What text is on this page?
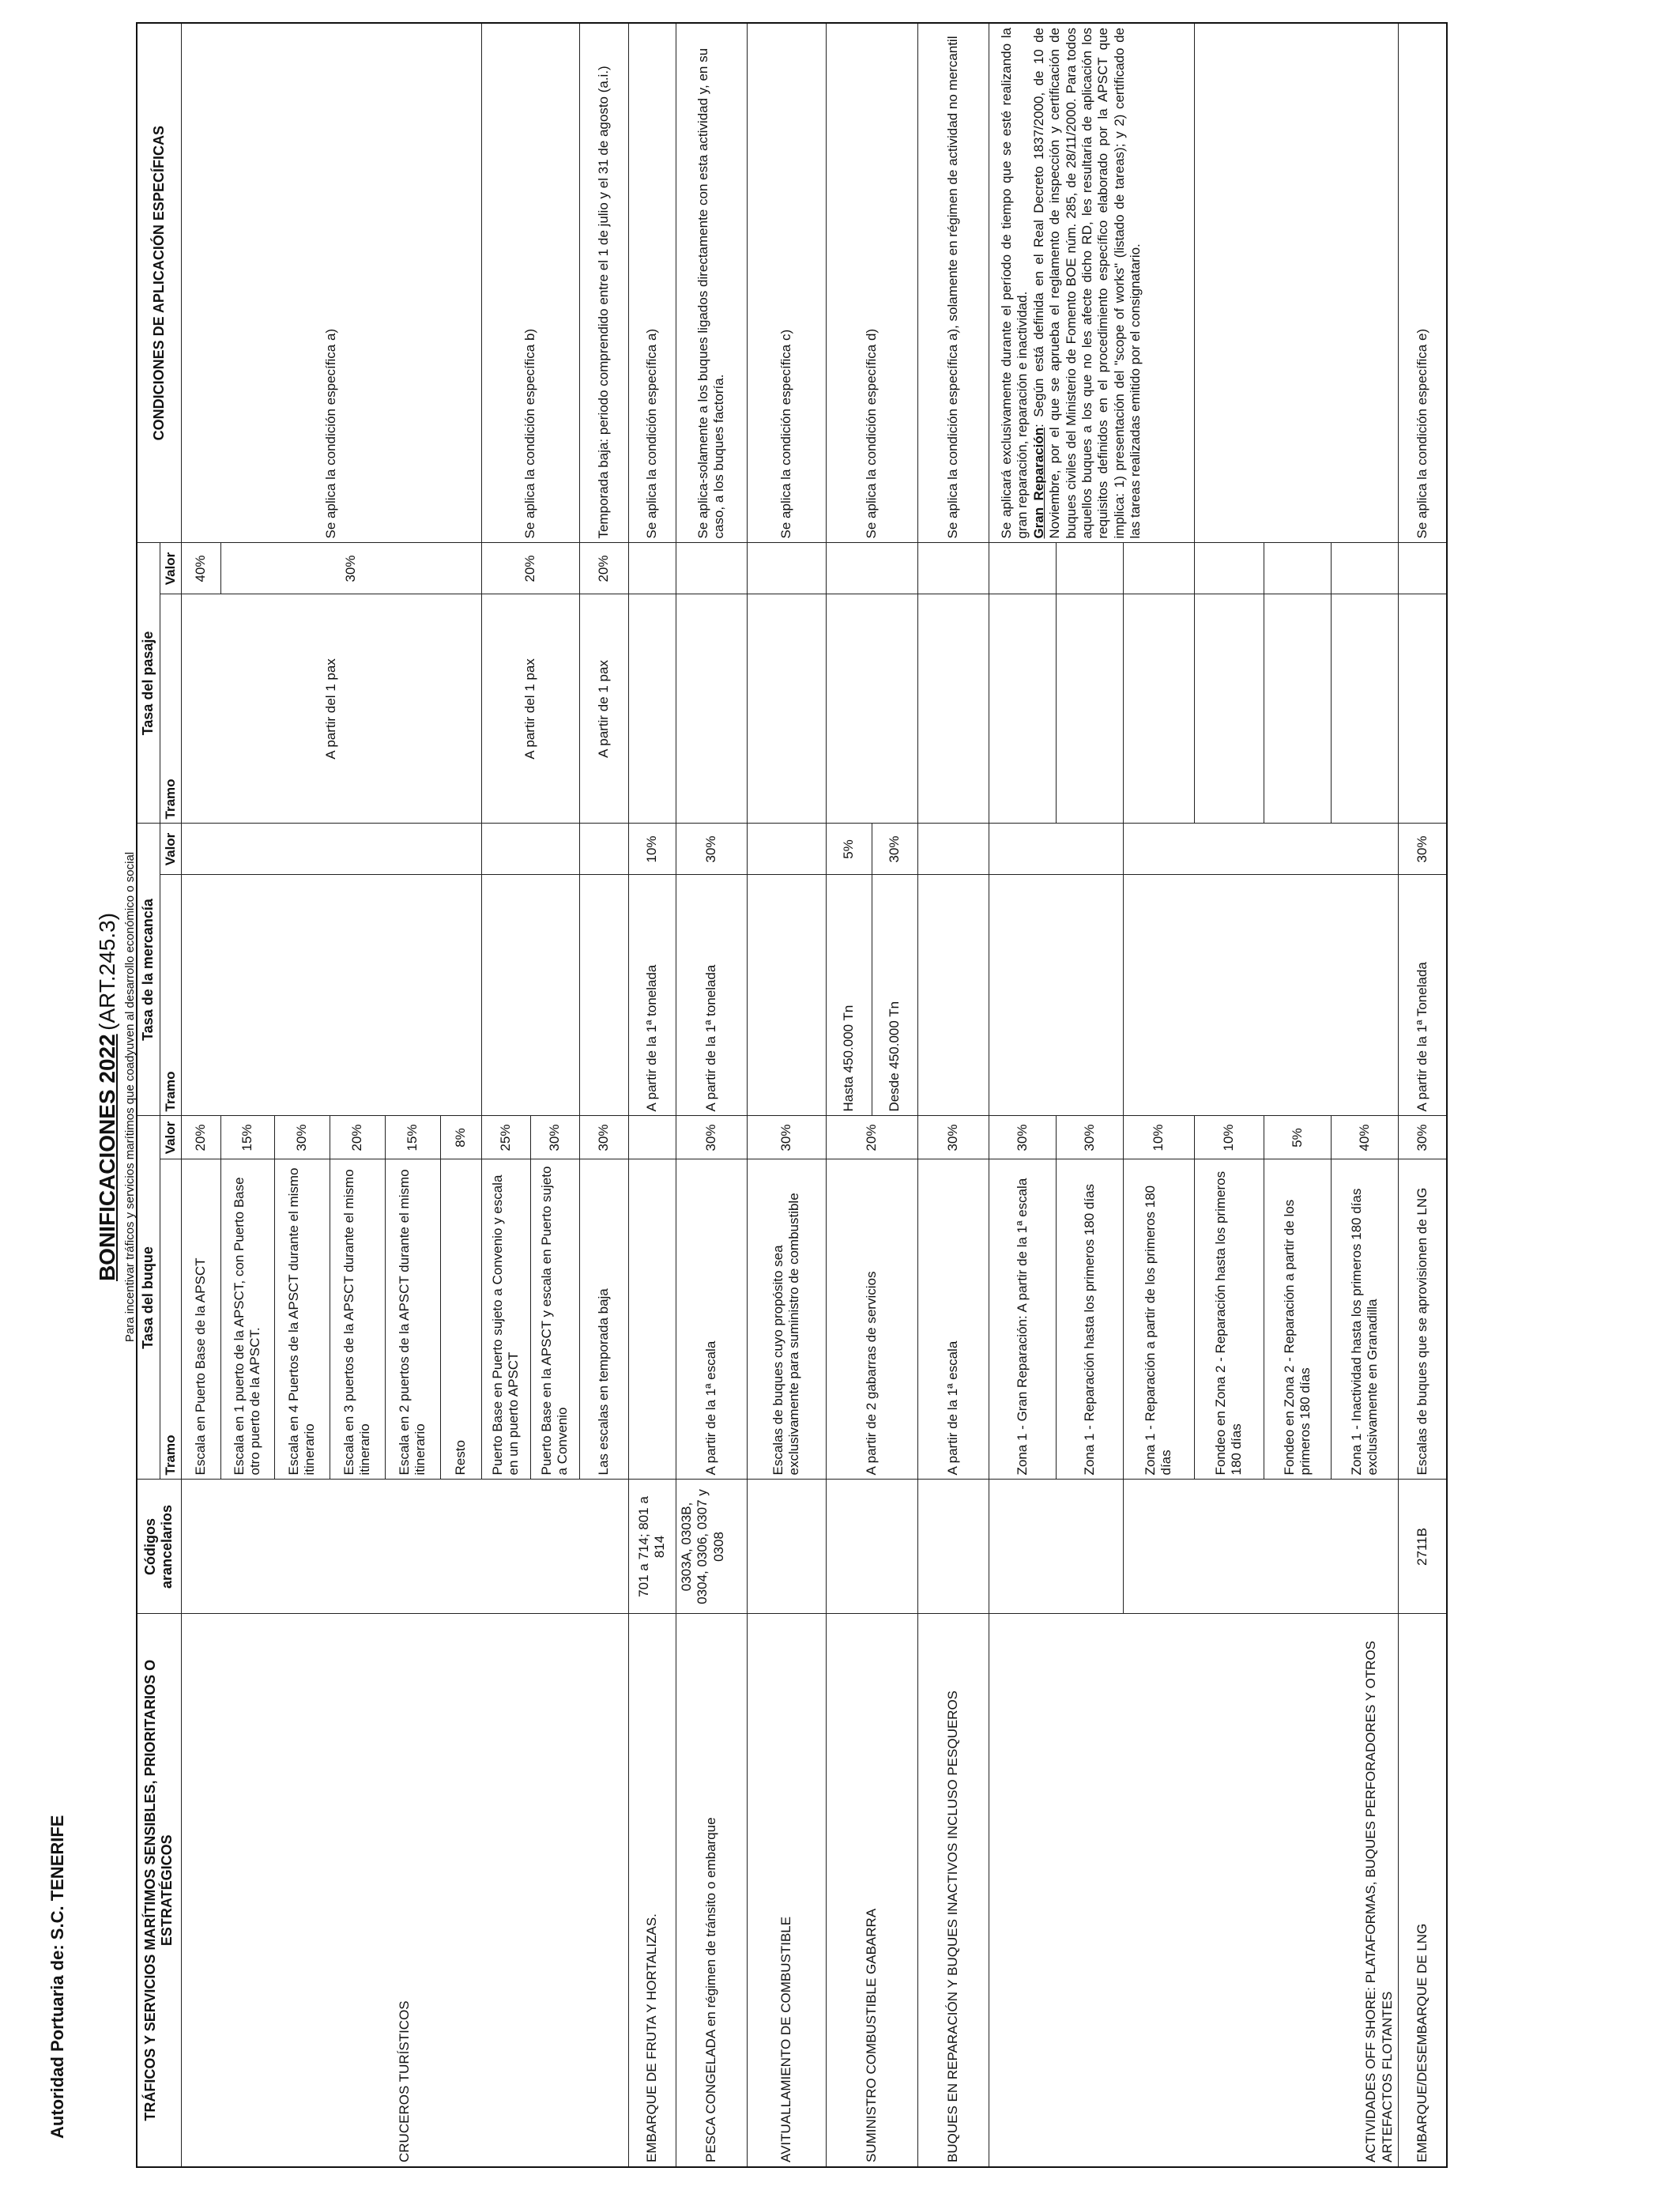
Autoridad Portuaria de: S.C. TENERIFE
BONIFICACIONES 2022 (ART.245.3) Para incentivar tráficos y servicios marítimos que coadyuven al desarrollo económico o social
TRÁFICOS Y SERVICIOS MARÍTIMOS SENSIBLES, PRIORITARIOS O ESTRATÉGICOS	Códigos arancelarios	Tasa del buque		Tasa de la mercancía		Tasa del pasaje		CONDICIONES DE APLICACIÓN ESPECÍFICAS
		Tramo	Valor	Tramo	Valor	Tramo	Valor	
CRUCEROS TURÍSTICOS		Escala en Puerto Base de la APSCT	20%			A partir del 1 pax	40%	Se aplica la condición específica a)
		Escala en 1 puerto de la APSCT, con Puerto Base otro puerto de la APSCT.	15%				30%	
		Escala en 4 Puertos de la APSCT durante el mismo itinerario	30%					
		Escala en 3 puertos de la APSCT durante el mismo itinerario	20%					
		Escala en 2 puertos de la APSCT durante el mismo itinerario	15%					
		Resto	8%					
		Puerto Base en Puerto sujeto a Convenio y escala en un puerto APSCT	25%			A partir del 1 pax	20%	Se aplica la condición específica b)
		Puerto Base en la APSCT y escala en Puerto sujeto a Convenio	30%					
		Las escalas en temporada baja	30%			A partir de 1 pax	20%	Temporada baja: periodo comprendido entre el 1 de julio y el 31 de agosto (a.i.)
EMBARQUE DE FRUTA Y HORTALIZAS.	701 a 714; 801 a 814			A partir de la 1ª tonelada	10%			Se aplica la condición específica a)
PESCA CONGELADA en régimen de tránsito o embarque	0303A, 0303B, 0304, 0306, 0307 y 0308	A partir de la 1ª escala	30%	A partir de la 1ª tonelada	30%			Se aplica-solamente a los buques ligados directamente con esta actividad y, en su caso, a los buques factoría.
AVITUALLAMIENTO DE COMBUSTIBLE		Escalas de buques cuyo propósito sea exclusivamente para suministro de combustible	30%					Se aplica la condición específica c)
SUMINISTRO COMBUSTIBLE GABARRA		A partir de 2 gabarras de servicios	20%	Hasta 450.000 Tn	5%			Se aplica la condición específica d)
				Desde 450.000 Tn	30%			
BUQUES EN REPARACIÓN Y BUQUES INACTIVOS INCLUSO PESQUEROS		A partir de la 1ª escala	30%					Se aplica la condición específica a), solamente en régimen de actividad no mercantil
ACTIVIDADES OFF SHORE: PLATAFORMAS, BUQUES PERFORADORES Y OTROS ARTEFACTOS FLOTANTES		Zona 1 - Gran Reparación: A partir de la 1ª escala	30%					Se aplicará exclusivamente durante el período de tiempo que se esté realizando la gran reparación, reparación e inactividad.
Gran Reparación: Según está definida en el Real Decreto 1837/2000, de 10 de Noviembre, por el que se aprueba el reglamento de inspección y certificación de buques civiles del Ministerio de Fomento BOE núm. 285, de 28/11/2000. Para todos aquellos buques a los que no les afecte dicho RD, les resultaría de aplicación los requisitos definidos en el procedimiento específico elaborado por la APSCT que implica: 1) presentación del "scope of works" (listado de tareas); y 2) certificado de las tareas realizadas emitido por el consignatario.
		Zona 1 - Reparación hasta los primeros 180 días	30%					
		Zona 1 - Reparación a partir de los primeros 180 días	10%					
		Fondeo en Zona 2 - Reparación hasta los primeros 180 días	10%					
		Fondeo en Zona 2 - Reparación a partir de los primeros 180 días	5%					
		Zona 1 - Inactividad hasta los primeros 180 días exclusivamente en Granadilla	40%					
EMBARQUE/DESEMBARQUE DE LNG	2711B	Escalas de buques que se aprovisionen de LNG	30%	A partir de la 1ª Tonelada	30%			Se aplica la condición específica e)
